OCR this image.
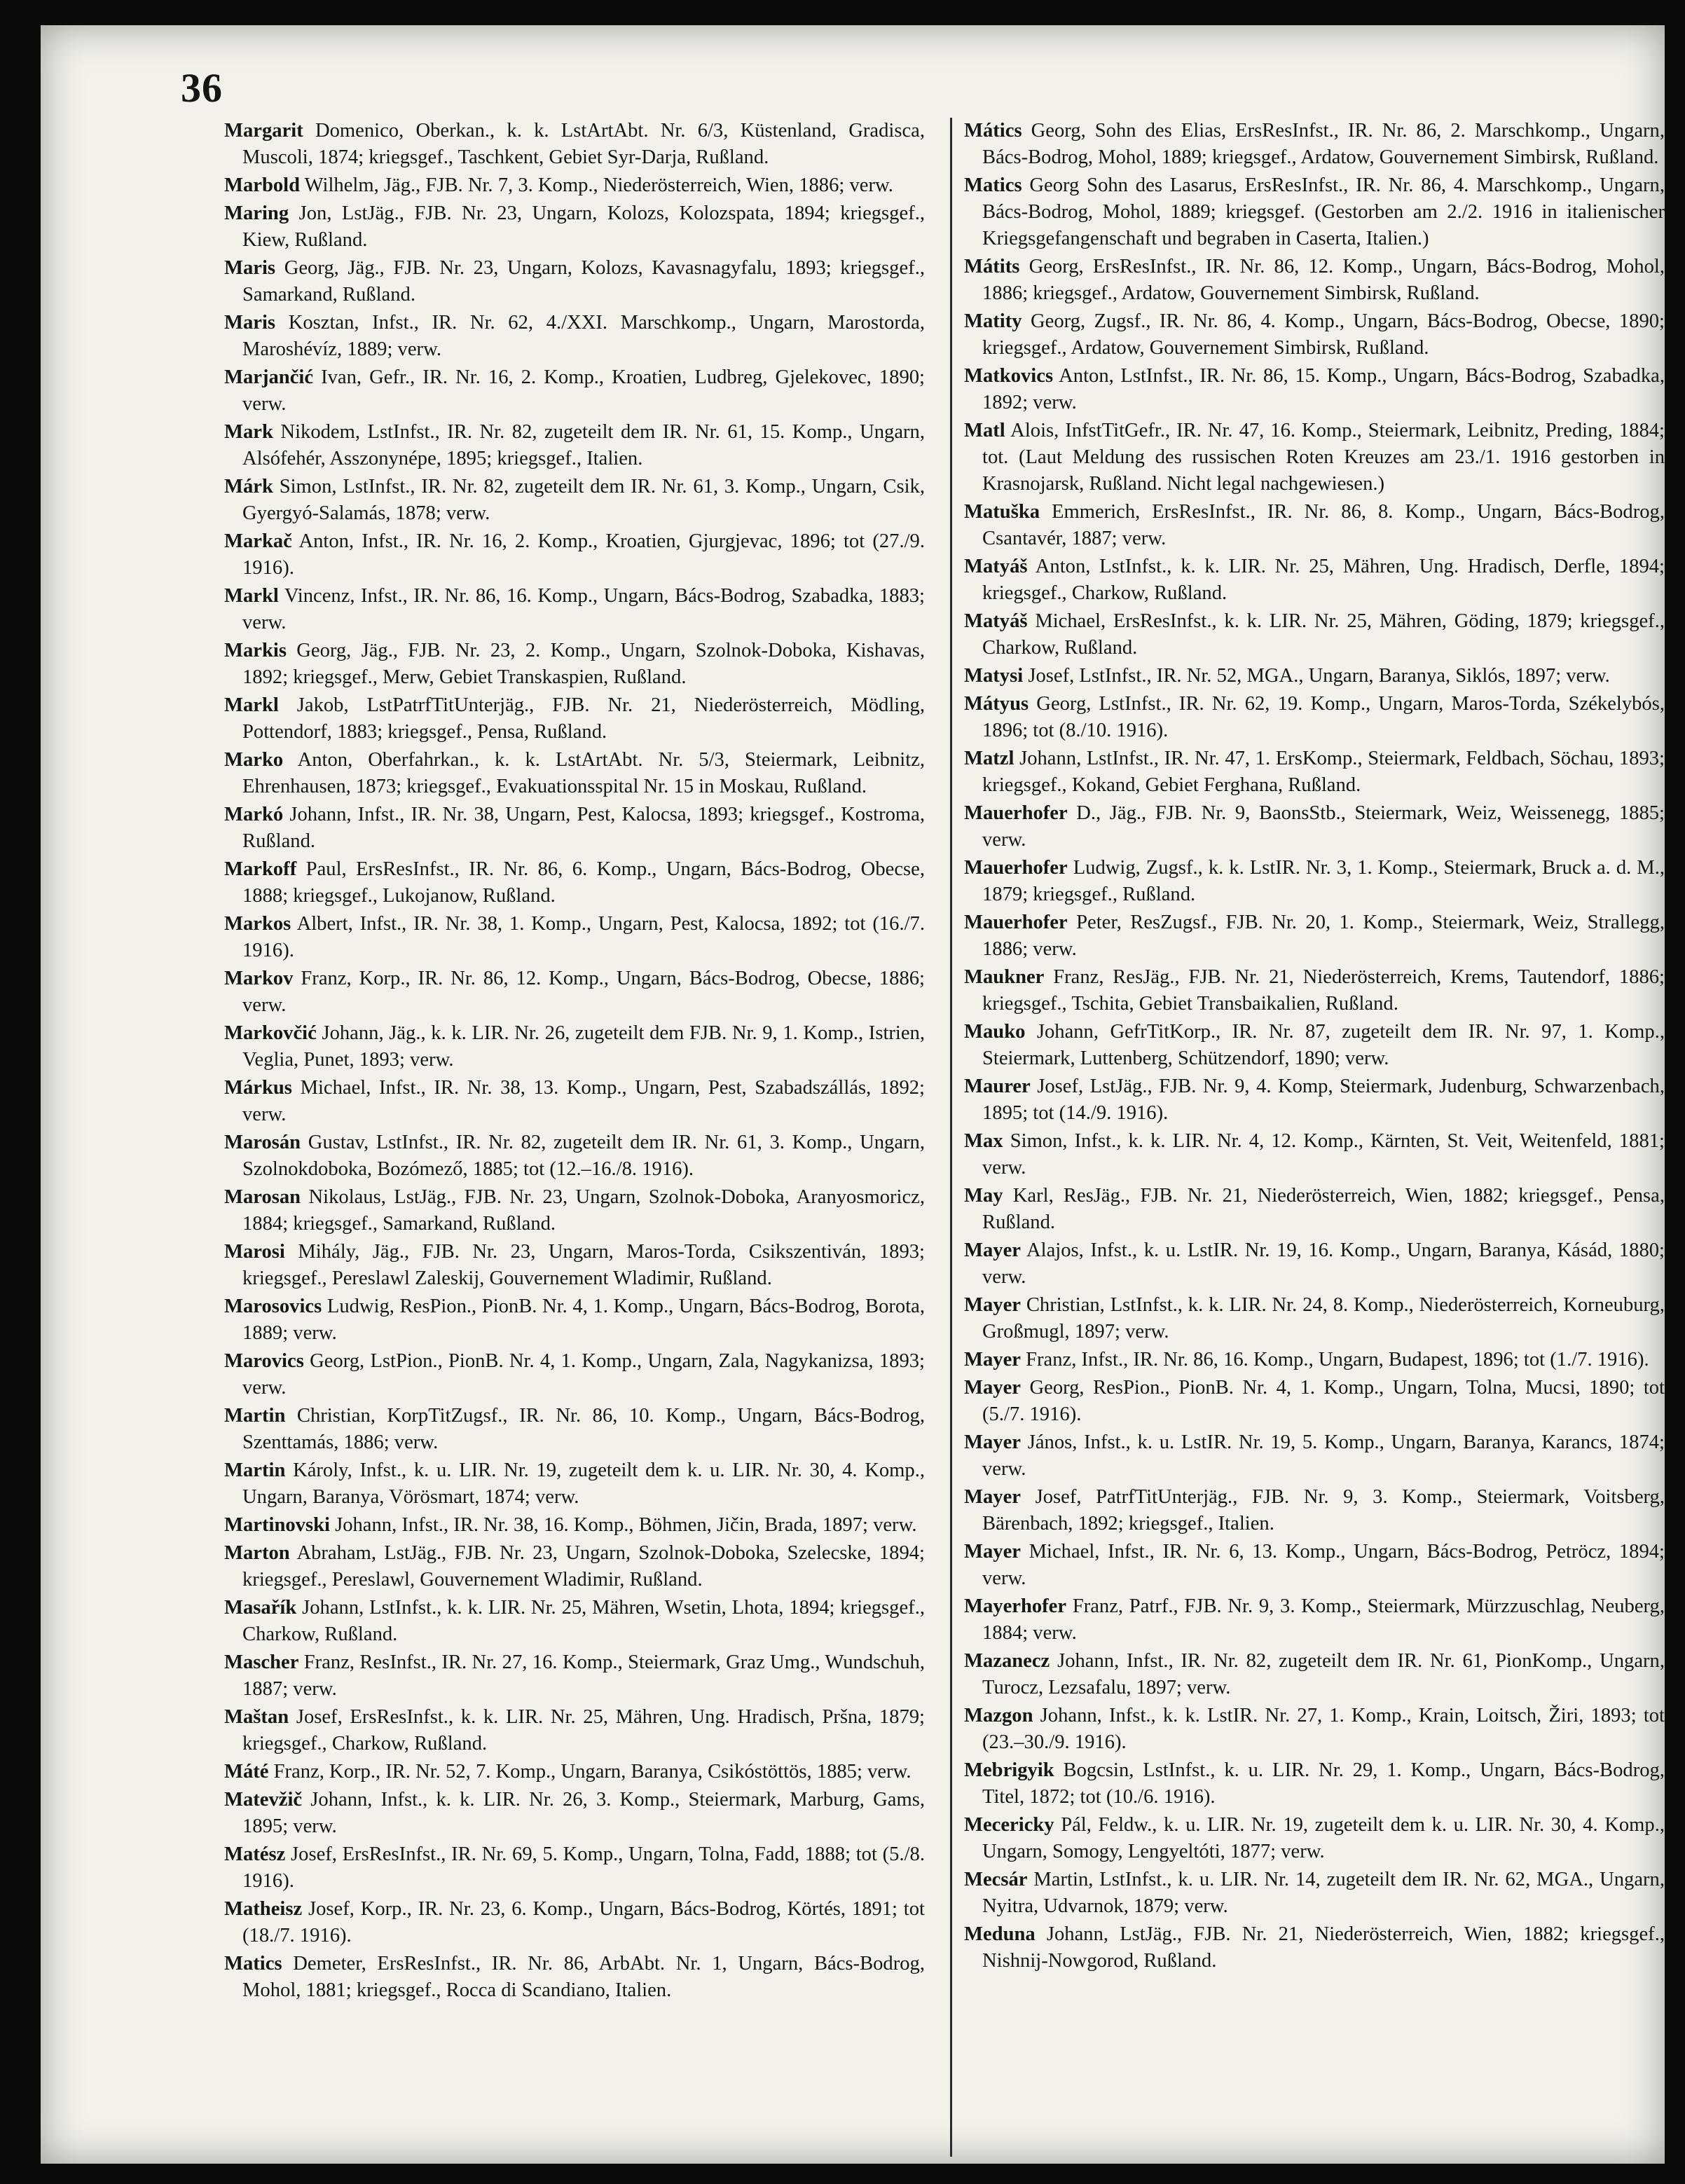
36

Margarit Domenico, Oberkan., k. k. LstArtAbt. Nr. 6/3, Küstenland, Gradisca, Muscoli, 1874; kriegsgef., Taschkent, Gebiet Syr-Darja, Rußland.

Marbold Wilhelm, Jäg., FJB. Nr. 7, 3. Komp., Niederösterreich, Wien, 1886; verw.

Maring Jon, LstJäg., FJB. Nr. 23, Ungarn, Kolozs, Kolozspata, 1894; kriegsgef., Kiew, Rußland.

Maris Georg, Jäg., FJB. Nr. 23, Ungarn, Kolozs, Kavasnagyfalu, 1893; kriegsgef., Samarkand, Rußland.

Maris Kosztan, Infst., IR. Nr. 62, 4./XXI. Marschkomp., Ungarn, Marostorda, Maroshévíz, 1889; verw.

Marjančić Ivan, Gefr., IR. Nr. 16, 2. Komp., Kroatien, Ludbreg, Gjelekovec, 1890; verw.

Mark Nikodem, LstInfst., IR. Nr. 82, zugeteilt dem IR. Nr. 61, 15. Komp., Ungarn, Alsófehér, Asszonynépe, 1895; kriegsgef., Italien.

Márk Simon, LstInfst., IR. Nr. 82, zugeteilt dem IR. Nr. 61, 3. Komp., Ungarn, Csik, Gyergyó-Salamás, 1878; verw.

Markač Anton, Infst., IR. Nr. 16, 2. Komp., Kroatien, Gjurgjevac, 1896; tot (27./9. 1916).

Markl Vincenz, Infst., IR. Nr. 86, 16. Komp., Ungarn, Bács-Bodrog, Szabadka, 1883; verw.

Markis Georg, Jäg., FJB. Nr. 23, 2. Komp., Ungarn, Szolnok-Doboka, Kishavas, 1892; kriegsgef., Merw, Gebiet Transkaspien, Rußland.

Markl Jakob, LstPatrfTitUnterjäg., FJB. Nr. 21, Niederösterreich, Mödling, Pottendorf, 1883; kriegsgef., Pensa, Rußland.

Marko Anton, Oberfahrkan., k. k. LstArtAbt. Nr. 5/3, Steiermark, Leibnitz, Ehrenhausen, 1873; kriegsgef., Evakuationsspital Nr. 15 in Moskau, Rußland.

Markó Johann, Infst., IR. Nr. 38, Ungarn, Pest, Kalocsa, 1893; kriegsgef., Kostroma, Rußland.

Markoff Paul, ErsResInfst., IR. Nr. 86, 6. Komp., Ungarn, Bács-Bodrog, Obecse, 1888; kriegsgef., Lukojanow, Rußland.

Markos Albert, Infst., IR. Nr. 38, 1. Komp., Ungarn, Pest, Kalocsa, 1892; tot (16./7. 1916).

Markov Franz, Korp., IR. Nr. 86, 12. Komp., Ungarn, Bács-Bodrog, Obecse, 1886; verw.

Markovčić Johann, Jäg., k. k. LIR. Nr. 26, zugeteilt dem FJB. Nr. 9, 1. Komp., Istrien, Veglia, Punet, 1893; verw.

Márkus Michael, Infst., IR. Nr. 38, 13. Komp., Ungarn, Pest, Szabadszállás, 1892; verw.

Marosán Gustav, LstInfst., IR. Nr. 82, zugeteilt dem IR. Nr. 61, 3. Komp., Ungarn, Szolnokdoboka, Bozómező, 1885; tot (12.–16./8. 1916).

Marosan Nikolaus, LstJäg., FJB. Nr. 23, Ungarn, Szolnok-Doboka, Aranyosmoricz, 1884; kriegsgef., Samarkand, Rußland.

Marosi Mihály, Jäg., FJB. Nr. 23, Ungarn, Maros-Torda, Csikszentiván, 1893; kriegsgef., Pereslawl Zaleskij, Gouvernement Wladimir, Rußland.

Marosovics Ludwig, ResPion., PionB. Nr. 4, 1. Komp., Ungarn, Bács-Bodrog, Borota, 1889; verw.

Marovics Georg, LstPion., PionB. Nr. 4, 1. Komp., Ungarn, Zala, Nagykanizsa, 1893; verw.

Martin Christian, KorpTitZugsf., IR. Nr. 86, 10. Komp., Ungarn, Bács-Bodrog, Szenttamás, 1886; verw.

Martin Károly, Infst., k. u. LIR. Nr. 19, zugeteilt dem k. u. LIR. Nr. 30, 4. Komp., Ungarn, Baranya, Vörösmart, 1874; verw.

Martinovski Johann, Infst., IR. Nr. 38, 16. Komp., Böhmen, Jičin, Brada, 1897; verw.

Marton Abraham, LstJäg., FJB. Nr. 23, Ungarn, Szolnok-Doboka, Szelecske, 1894; kriegsgef., Pereslawl, Gouvernement Wladimir, Rußland.

Masařík Johann, LstInfst., k. k. LIR. Nr. 25, Mähren, Wsetin, Lhota, 1894; kriegsgef., Charkow, Rußland.

Mascher Franz, ResInfst., IR. Nr. 27, 16. Komp., Steiermark, Graz Umg., Wundschuh, 1887; verw.

Maštan Josef, ErsResInfst., k. k. LIR. Nr. 25, Mähren, Ung. Hradisch, Pršna, 1879; kriegsgef., Charkow, Rußland.

Máté Franz, Korp., IR. Nr. 52, 7. Komp., Ungarn, Baranya, Csikóstöttös, 1885; verw.

Matevžič Johann, Infst., k. k. LIR. Nr. 26, 3. Komp., Steiermark, Marburg, Gams, 1895; verw.

Matész Josef, ErsResInfst., IR. Nr. 69, 5. Komp., Ungarn, Tolna, Fadd, 1888; tot (5./8. 1916).

Matheisz Josef, Korp., IR. Nr. 23, 6. Komp., Ungarn, Bács-Bodrog, Körtés, 1891; tot (18./7. 1916).

Matics Demeter, ErsResInfst., IR. Nr. 86, ArbAbt. Nr. 1, Ungarn, Bács-Bodrog, Mohol, 1881; kriegsgef., Rocca di Scandiano, Italien.

Mátics Georg, Sohn des Elias, ErsResInfst., IR. Nr. 86, 2. Marschkomp., Ungarn, Bács-Bodrog, Mohol, 1889; kriegsgef., Ardatow, Gouvernement Simbirsk, Rußland.

Matics Georg Sohn des Lasarus, ErsResInfst., IR. Nr. 86, 4. Marschkomp., Ungarn, Bács-Bodrog, Mohol, 1889; kriegsgef. (Gestorben am 2./2. 1916 in italienischer Kriegsgefangenschaft und begraben in Caserta, Italien.)

Mátits Georg, ErsResInfst., IR. Nr. 86, 12. Komp., Ungarn, Bács-Bodrog, Mohol, 1886; kriegsgef., Ardatow, Gouvernement Simbirsk, Rußland.

Matity Georg, Zugsf., IR. Nr. 86, 4. Komp., Ungarn, Bács-Bodrog, Obecse, 1890; kriegsgef., Ardatow, Gouvernement Simbirsk, Rußland.

Matkovics Anton, LstInfst., IR. Nr. 86, 15. Komp., Ungarn, Bács-Bodrog, Szabadka, 1892; verw.

Matl Alois, InfstTitGefr., IR. Nr. 47, 16. Komp., Steiermark, Leibnitz, Preding, 1884; tot. (Laut Meldung des russischen Roten Kreuzes am 23./1. 1916 gestorben in Krasnojarsk, Rußland. Nicht legal nachgewiesen.)

Matuška Emmerich, ErsResInfst., IR. Nr. 86, 8. Komp., Ungarn, Bács-Bodrog, Csantavér, 1887; verw.

Matyáš Anton, LstInfst., k. k. LIR. Nr. 25, Mähren, Ung. Hradisch, Derfle, 1894; kriegsgef., Charkow, Rußland.

Matyáš Michael, ErsResInfst., k. k. LIR. Nr. 25, Mähren, Göding, 1879; kriegsgef., Charkow, Rußland.

Matysi Josef, LstInfst., IR. Nr. 52, MGA., Ungarn, Baranya, Siklós, 1897; verw.

Mátyus Georg, LstInfst., IR. Nr. 62, 19. Komp., Ungarn, Maros-Torda, Székelybós, 1896; tot (8./10. 1916).

Matzl Johann, LstInfst., IR. Nr. 47, 1. ErsKomp., Steiermark, Feldbach, Söchau, 1893; kriegsgef., Kokand, Gebiet Ferghana, Rußland.

Mauerhofer D., Jäg., FJB. Nr. 9, BaonsStb., Steiermark, Weiz, Weissenegg, 1885; verw.

Mauerhofer Ludwig, Zugsf., k. k. LstIR. Nr. 3, 1. Komp., Steiermark, Bruck a. d. M., 1879; kriegsgef., Rußland.

Mauerhofer Peter, ResZugsf., FJB. Nr. 20, 1. Komp., Steiermark, Weiz, Strallegg, 1886; verw.

Maukner Franz, ResJäg., FJB. Nr. 21, Niederösterreich, Krems, Tautendorf, 1886; kriegsgef., Tschita, Gebiet Transbaikalien, Rußland.

Mauko Johann, GefrTitKorp., IR. Nr. 87, zugeteilt dem IR. Nr. 97, 1. Komp., Steiermark, Luttenberg, Schützendorf, 1890; verw.

Maurer Josef, LstJäg., FJB. Nr. 9, 4. Komp, Steiermark, Judenburg, Schwarzenbach, 1895; tot (14./9. 1916).

Max Simon, Infst., k. k. LIR. Nr. 4, 12. Komp., Kärnten, St. Veit, Weitenfeld, 1881; verw.

May Karl, ResJäg., FJB. Nr. 21, Niederösterreich, Wien, 1882; kriegsgef., Pensa, Rußland.

Mayer Alajos, Infst., k. u. LstIR. Nr. 19, 16. Komp., Ungarn, Baranya, Kásád, 1880; verw.

Mayer Christian, LstInfst., k. k. LIR. Nr. 24, 8. Komp., Niederösterreich, Korneuburg, Großmugl, 1897; verw.

Mayer Franz, Infst., IR. Nr. 86, 16. Komp., Ungarn, Budapest, 1896; tot (1./7. 1916).

Mayer Georg, ResPion., PionB. Nr. 4, 1. Komp., Ungarn, Tolna, Mucsi, 1890; tot (5./7. 1916).

Mayer János, Infst., k. u. LstIR. Nr. 19, 5. Komp., Ungarn, Baranya, Karancs, 1874; verw.

Mayer Josef, PatrfTitUnterjäg., FJB. Nr. 9, 3. Komp., Steiermark, Voitsberg, Bärenbach, 1892; kriegsgef., Italien.

Mayer Michael, Infst., IR. Nr. 6, 13. Komp., Ungarn, Bács-Bodrog, Petröcz, 1894; verw.

Mayerhofer Franz, Patrf., FJB. Nr. 9, 3. Komp., Steiermark, Mürzzuschlag, Neuberg, 1884; verw.

Mazanecz Johann, Infst., IR. Nr. 82, zugeteilt dem IR. Nr. 61, PionKomp., Ungarn, Turocz, Lezsafalu, 1897; verw.

Mazgon Johann, Infst., k. k. LstIR. Nr. 27, 1. Komp., Krain, Loitsch, Žiri, 1893; tot (23.–30./9. 1916).

Mebrigyik Bogcsin, LstInfst., k. u. LIR. Nr. 29, 1. Komp., Ungarn, Bács-Bodrog, Titel, 1872; tot (10./6. 1916).

Mecericky Pál, Feldw., k. u. LIR. Nr. 19, zugeteilt dem k. u. LIR. Nr. 30, 4. Komp., Ungarn, Somogy, Lengyeltóti, 1877; verw.

Mecsár Martin, LstInfst., k. u. LIR. Nr. 14, zugeteilt dem IR. Nr. 62, MGA., Ungarn, Nyitra, Udvarnok, 1879; verw.

Meduna Johann, LstJäg., FJB. Nr. 21, Niederösterreich, Wien, 1882; kriegsgef., Nishnij-Nowgorod, Rußland.
